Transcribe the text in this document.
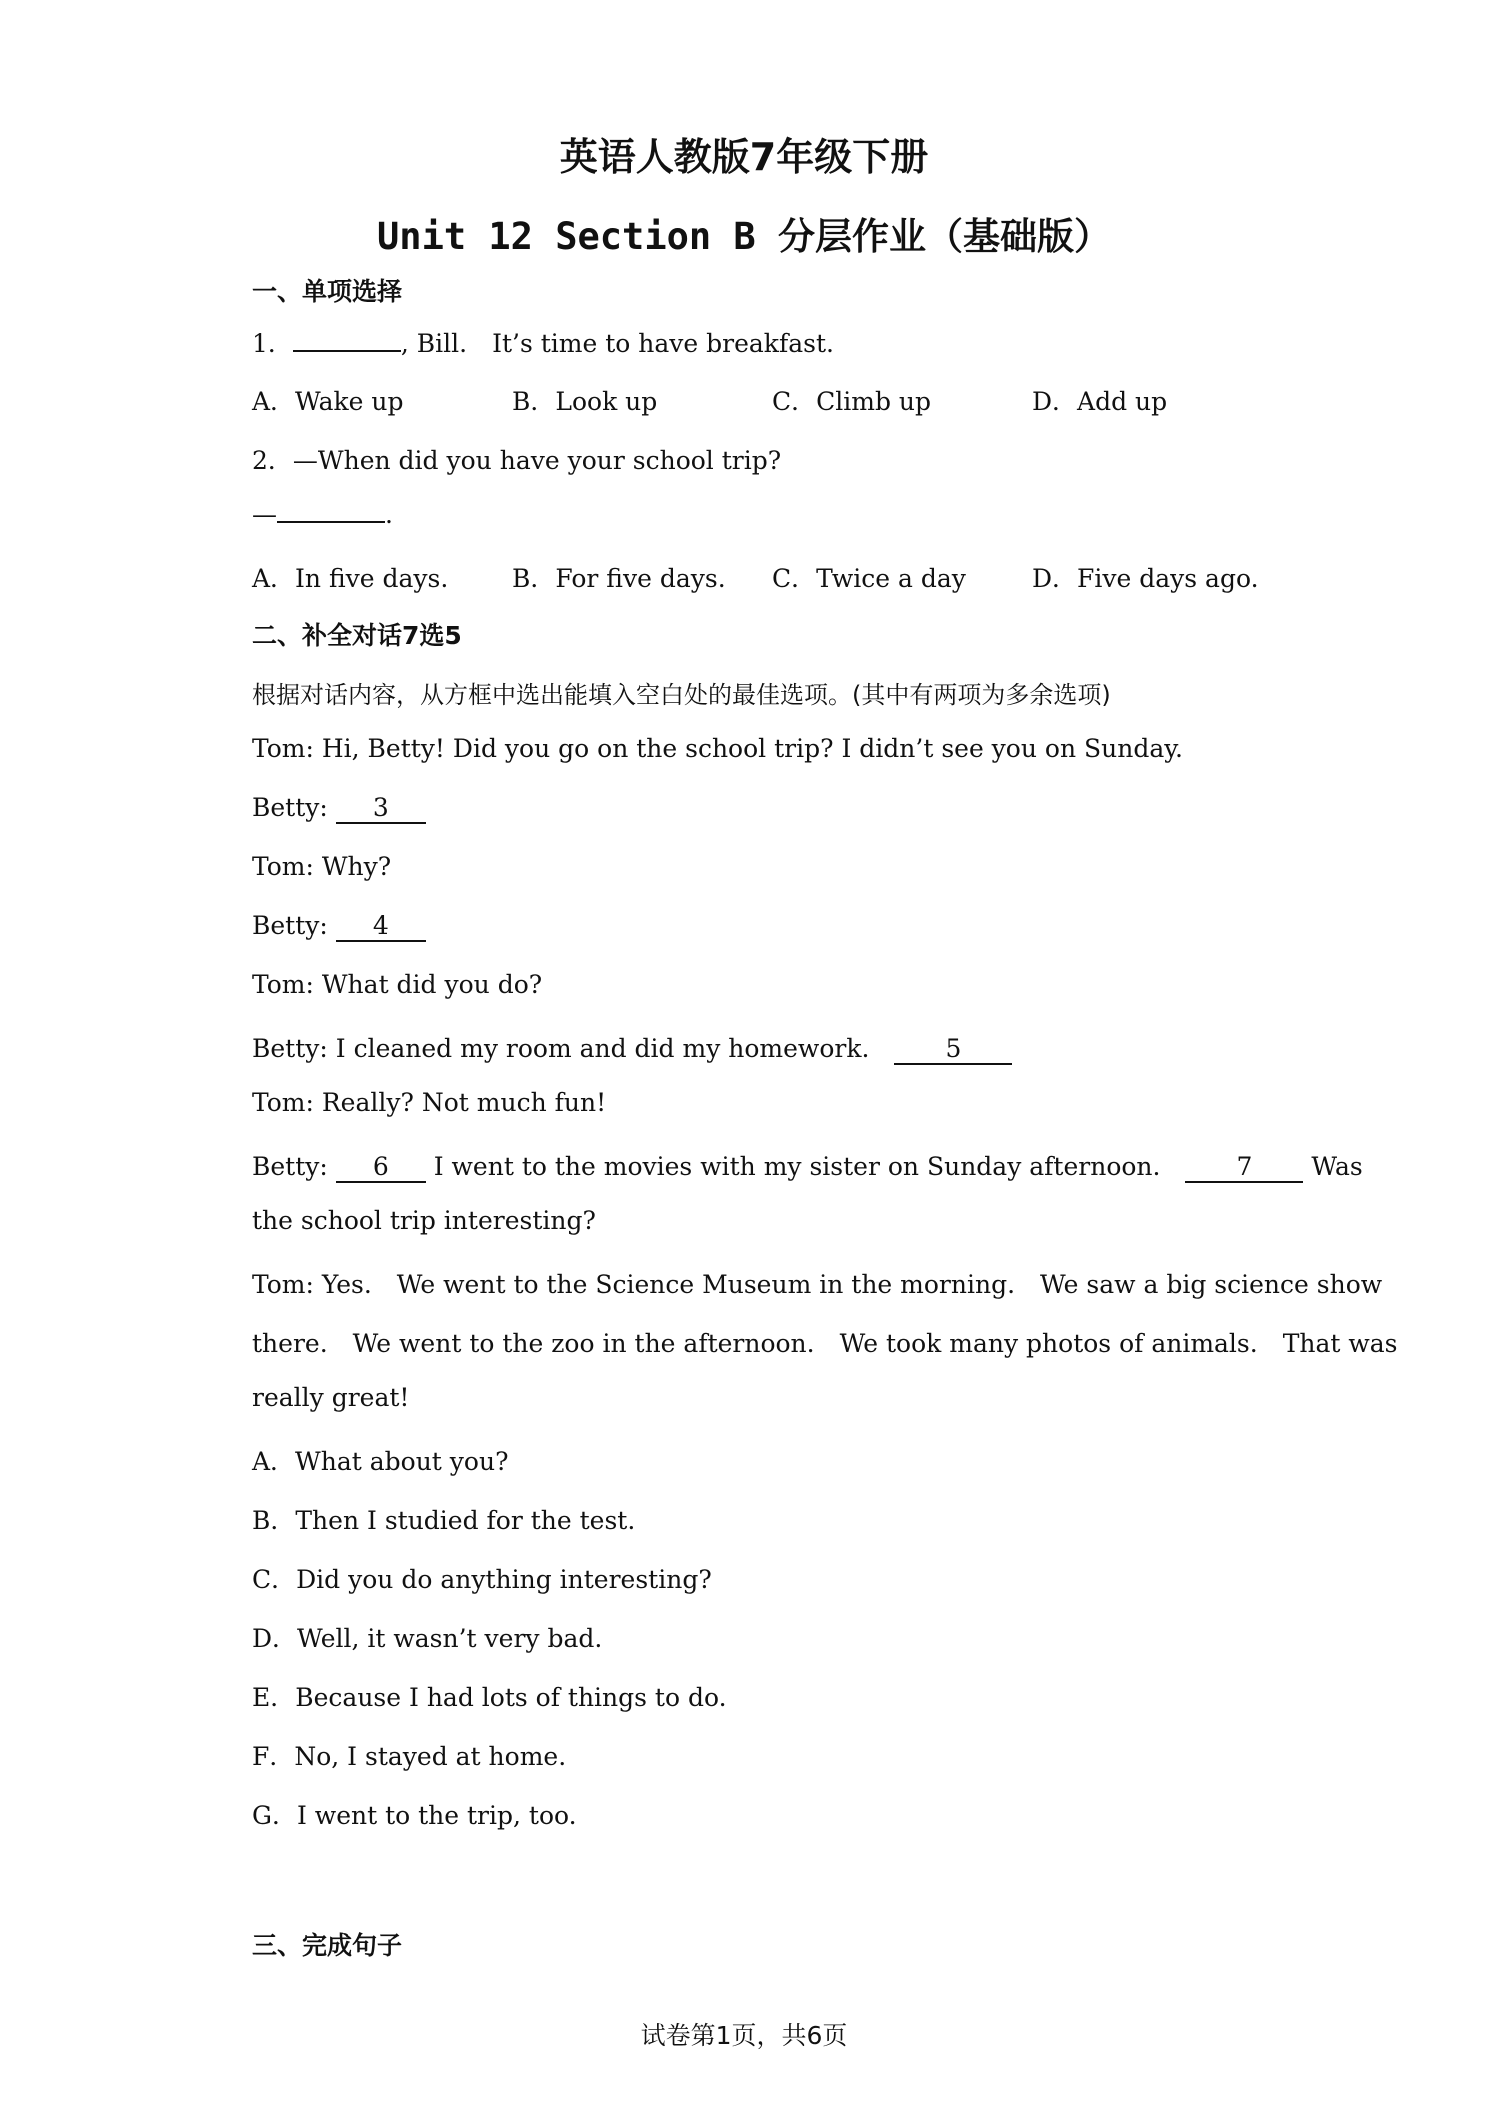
英语人教版7年级下册
Unit 12 Section B 分层作业（基础版）
一、单项选择
1．	, Bill.　It’s time to have breakfast.
A．Wake up	B．Look up	C．Climb up	D．Add up
2．—When did you have your school trip?
—	.
A．In five days.	B．For five days. C．Twice a day	D．Five days ago.
二、补全对话7选5
根据对话内容，从方框中选出能填入空白处的最佳选项。(其中有两项为多余选项)
Tom: Hi, Betty! Did you go on the school trip? I didn’t see you on Sunday.
Betty: 3
Tom: Why?
Betty: 4
Tom: What did you do?
Betty: I cleaned my room and did my homework.　5
Tom: Really? Not much fun!
Betty: 6 I went to the movies with my sister on Sunday afternoon.　7 Was
the school trip interesting?
Tom: Yes.　We went to the Science Museum in the morning.　We saw a big science show
there.　We went to the zoo in the afternoon.　We took many photos of animals.　That was
really great!
A．What about you?
B．Then I studied for the test.
C．Did you do anything interesting?
D．Well, it wasn’t very bad.
E．Because I had lots of things to do.
F．No, I stayed at home.
G．I went to the trip, too.
三、完成句子
试卷第1页，共6页
